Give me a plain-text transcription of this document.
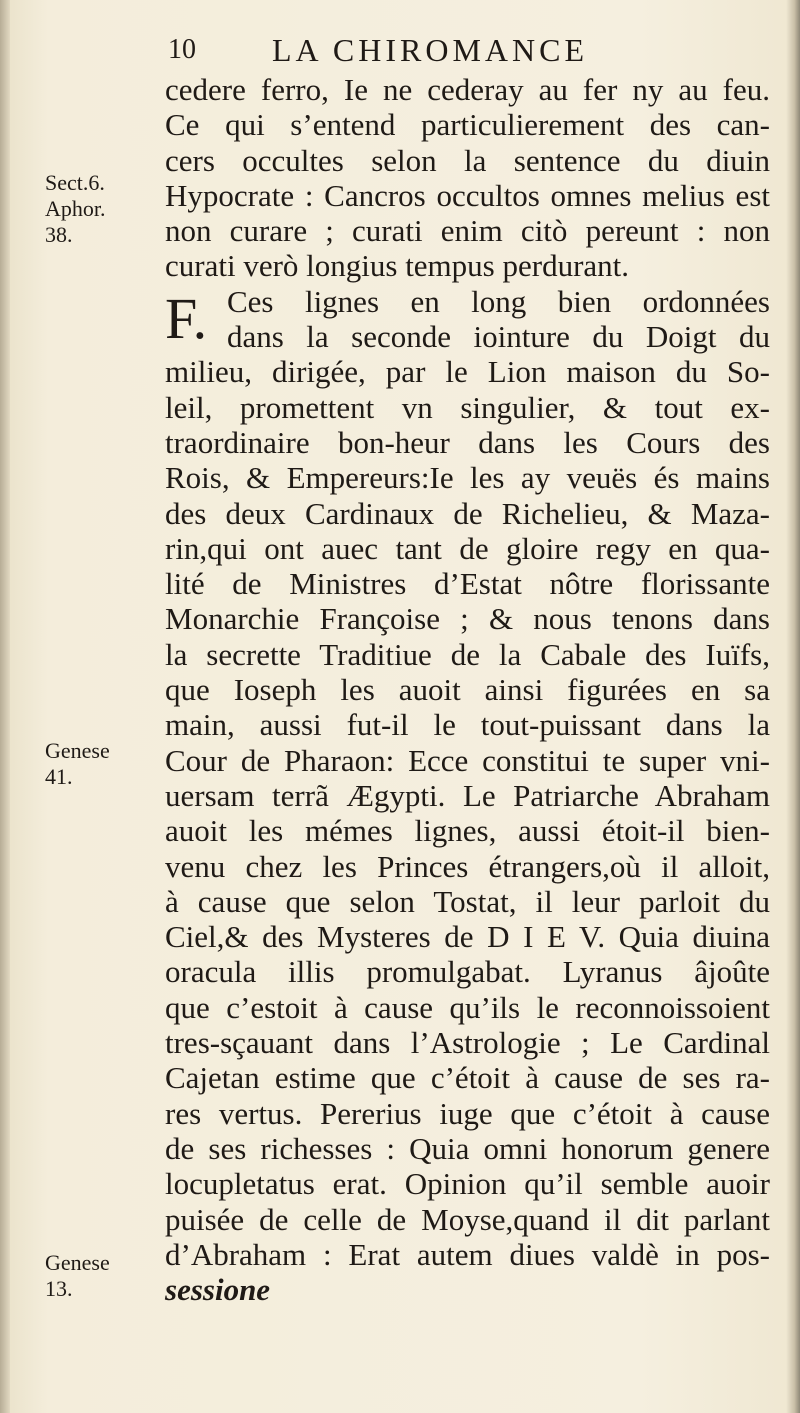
10 LA CHIROMANCE
Sect.6.
Aphor.
38.
Genese
41.
Genese
13.
cedere ferro, Ie ne cederay au fer ny au feu.
Ce qui s’entend particulierement des can-
cers occultes selon la sentence du diuin
Hypocrate : Cancros occultos omnes melius est
non curare ; curati enim citò pereunt : non
curati verò longius tempus perdurant.
F. Ces lignes en long bien ordonnées
dans la seconde iointure du Doigt du
milieu, dirigée, par le Lion maison du So-
leil, promettent vn singulier, & tout ex-
traordinaire bon-heur dans les Cours des
Rois, & Empereurs:Ie les ay veuës és mains
des deux Cardinaux de Richelieu, & Maza-
rin,qui ont auec tant de gloire regy en qua-
lité de Ministres d’Estat nôtre florissante
Monarchie Françoise ; & nous tenons dans
la secrette Traditiue de la Cabale des Iuïfs,
que Ioseph les auoit ainsi figurées en sa
main, aussi fut-il le tout-puissant dans la
Cour de Pharaon: Ecce constitui te super vni-
uersam terrã Ægypti. Le Patriarche Abraham
auoit les mémes lignes, aussi étoit-il bien-
venu chez les Princes étrangers,où il alloit,
à cause que selon Tostat, il leur parloit du
Ciel,& des Mysteres de D I E V. Quia diuina
oracula illis promulgabat. Lyranus âjoûte
que c’estoit à cause qu’ils le reconnoissoient
tres-sçauant dans l’Astrologie ; Le Cardinal
Cajetan estime que c’étoit à cause de ses ra-
res vertus. Pererius iuge que c’étoit à cause
de ses richesses : Quia omni honorum genere
locupletatus erat. Opinion qu’il semble auoir
puisée de celle de Moyse,quand il dit parlant
d’Abraham : Erat autem diues valdè in pos-
sessione
